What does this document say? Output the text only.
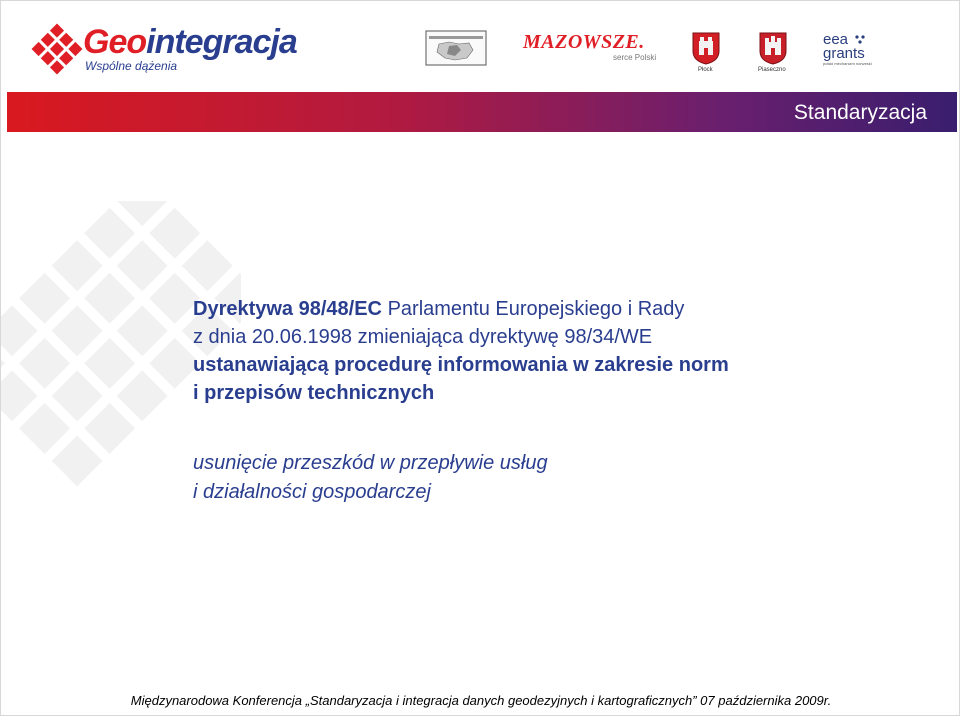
Geointegracja
Wspólne dążenia
MAZOWSZE.
serce Polski
Płock	Piaseczno
eea
grants
polski mechanizm norweski
Standaryzacja
Dyrektywa 98/48/EC Parlamentu Europejskiego i Rady
z dnia 20.06.1998 zmieniająca dyrektywę 98/34/WE
ustanawiającą procedurę informowania w zakresie norm
i przepisów technicznych
usunięcie przeszkód w przepływie usług
i działalności gospodarczej
Międzynarodowa Konferencja „Standaryzacja i integracja danych geodezyjnych i kartograficznych” 07 października 2009r.
